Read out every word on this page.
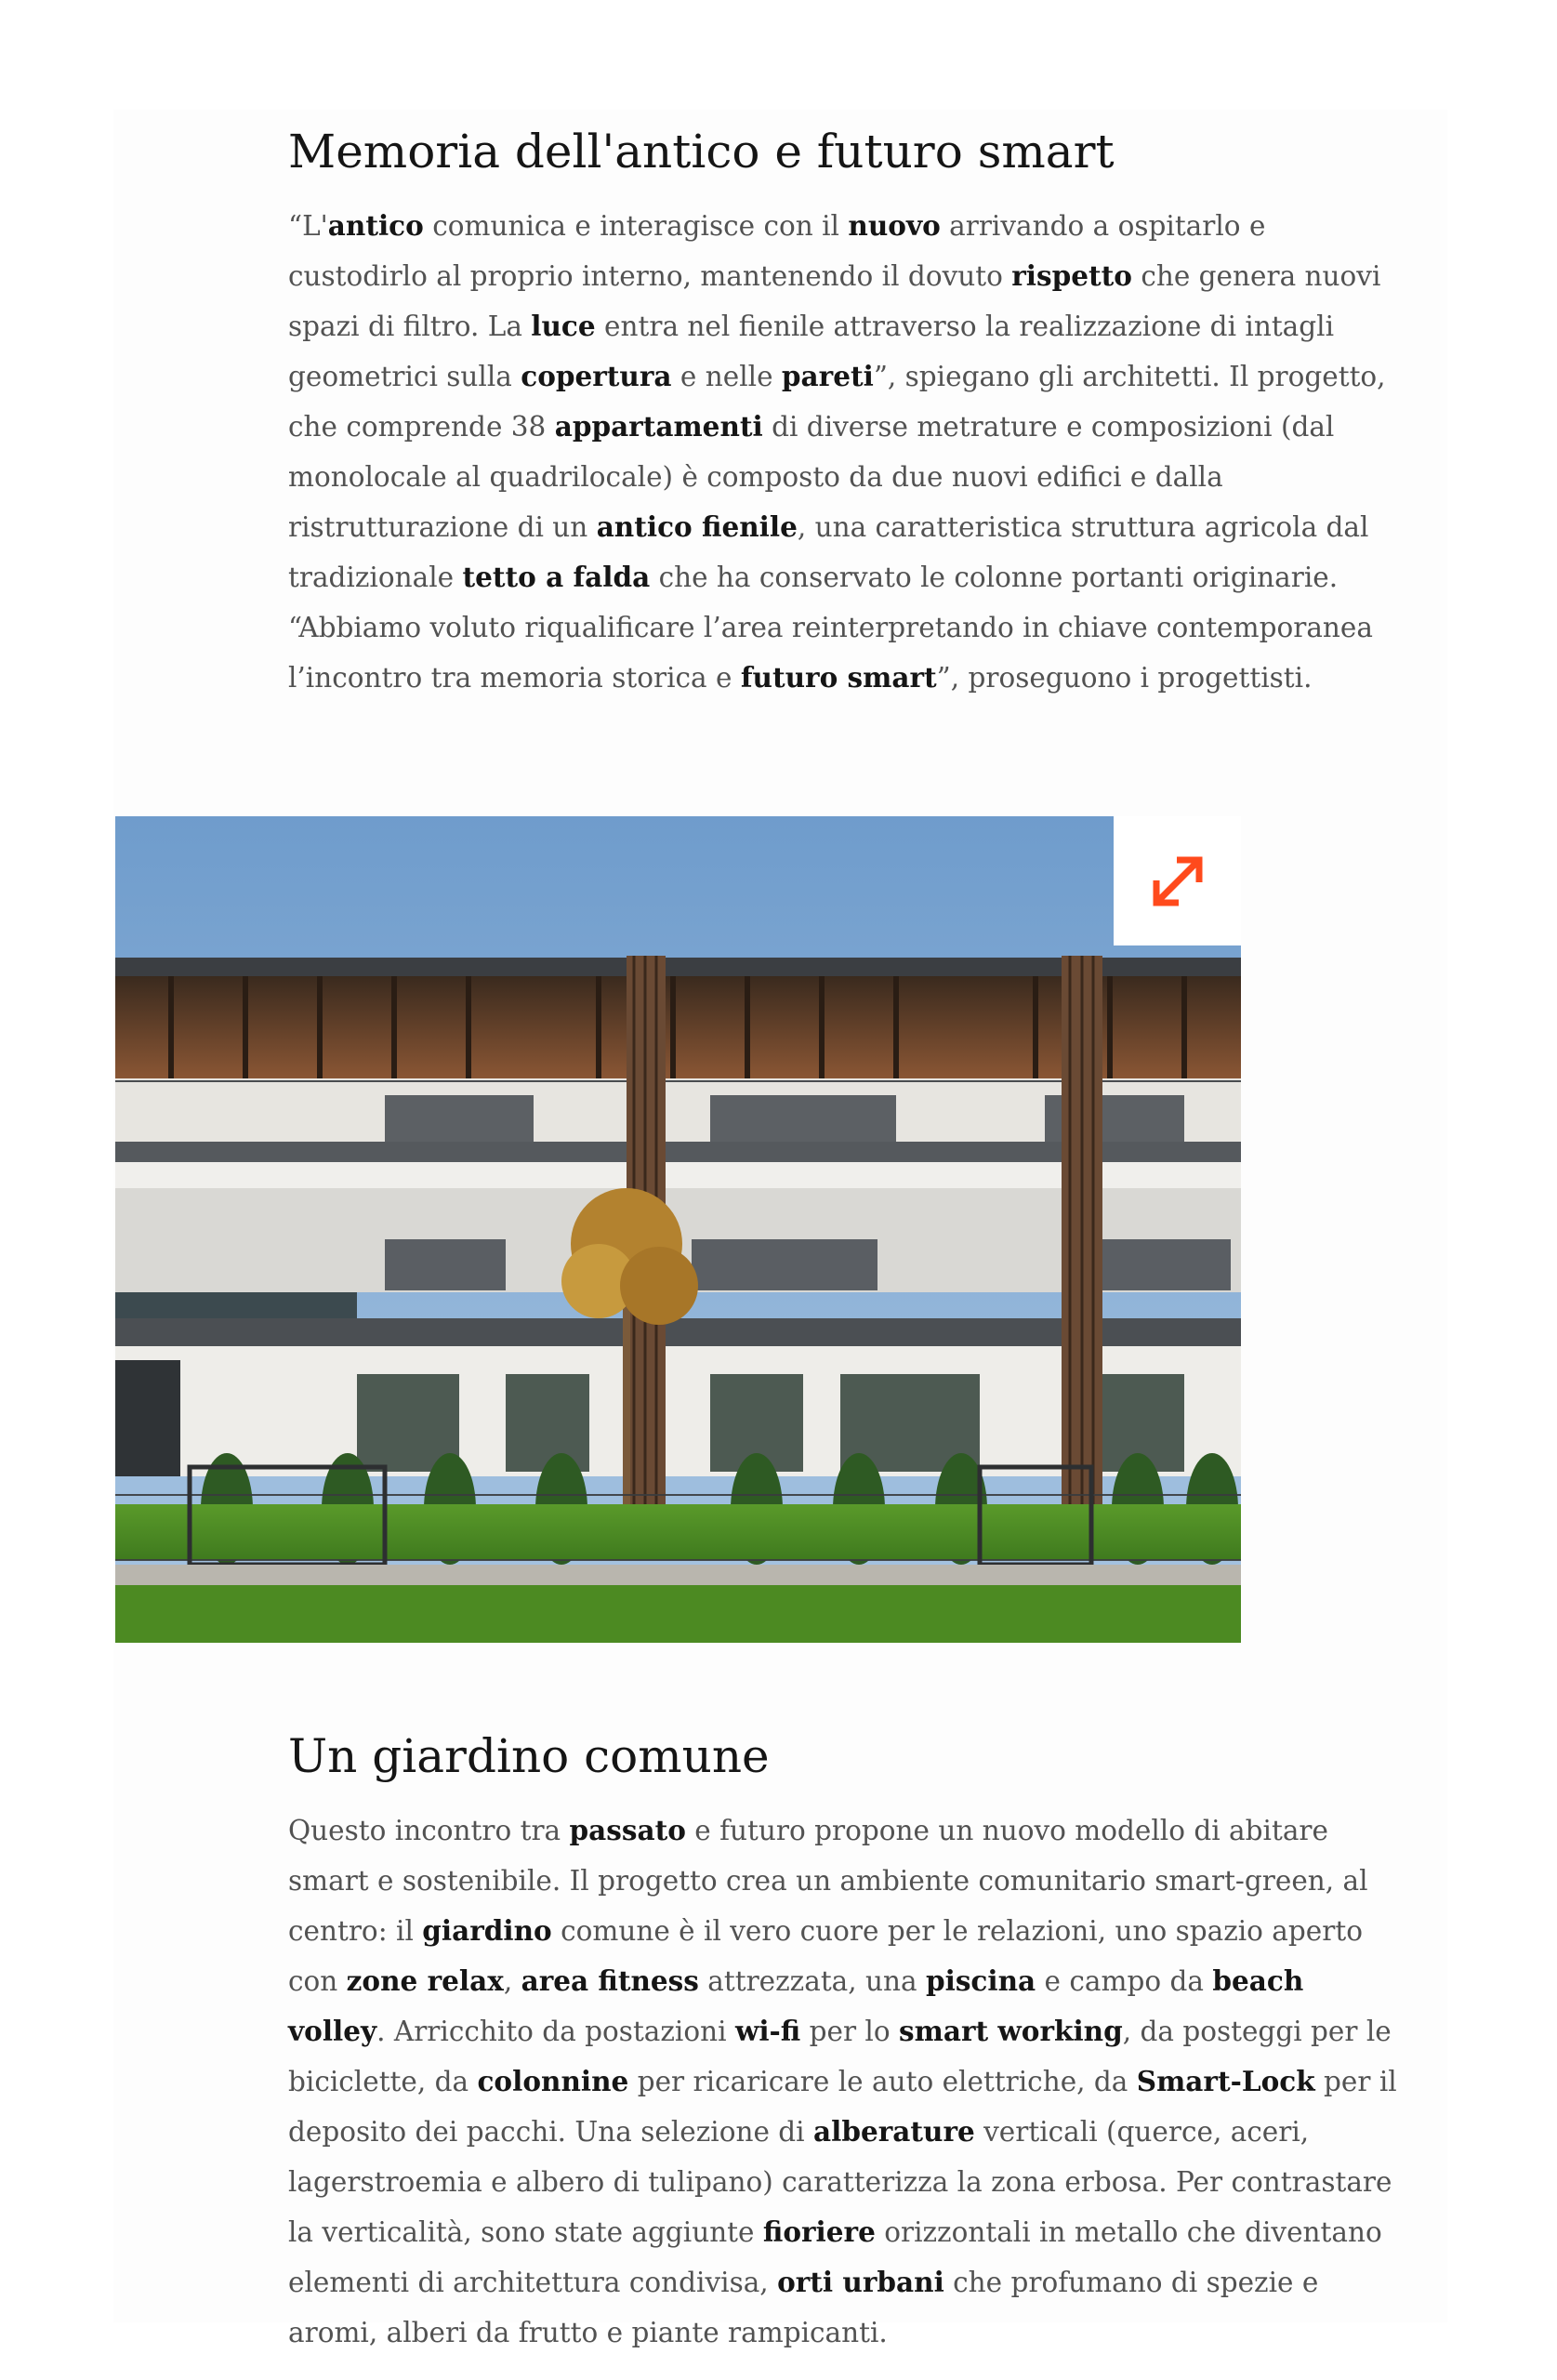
Memoria dell'antico e futuro smart

“L'antico comunica e interagisce con il nuovo arrivando a ospitarlo e custodirlo al proprio interno, mantenendo il dovuto rispetto che genera nuovi spazi di filtro. La luce entra nel fienile attraverso la realizzazione di intagli geometrici sulla copertura e nelle pareti”, spiegano gli architetti. Il progetto, che comprende 38 appartamenti di diverse metrature e composizioni (dal monolocale al quadrilocale) è composto da due nuovi edifici e dalla ristrutturazione di un antico fienile, una caratteristica struttura agricola dal tradizionale tetto a falda che ha conservato le colonne portanti originarie. “Abbiamo voluto riqualificare l’area reinterpretando in chiave contemporanea l’incontro tra memoria storica e futuro smart”, proseguono i progettisti.

Un giardino comune

Questo incontro tra passato e futuro propone un nuovo modello di abitare smart e sostenibile. Il progetto crea un ambiente comunitario smart-green, al centro: il giardino comune è il vero cuore per le relazioni, uno spazio aperto con zone relax, area fitness attrezzata, una piscina e campo da beach volley. Arricchito da postazioni wi-fi per lo smart working, da posteggi per le biciclette, da colonnine per ricaricare le auto elettriche, da Smart-Lock per il deposito dei pacchi. Una selezione di alberature verticali (querce, aceri, lagerstroemia e albero di tulipano) caratterizza la zona erbosa. Per contrastare la verticalità, sono state aggiunte fioriere orizzontali in metallo che diventano elementi di architettura condivisa, orti urbani che profumano di spezie e aromi, alberi da frutto e piante rampicanti.
